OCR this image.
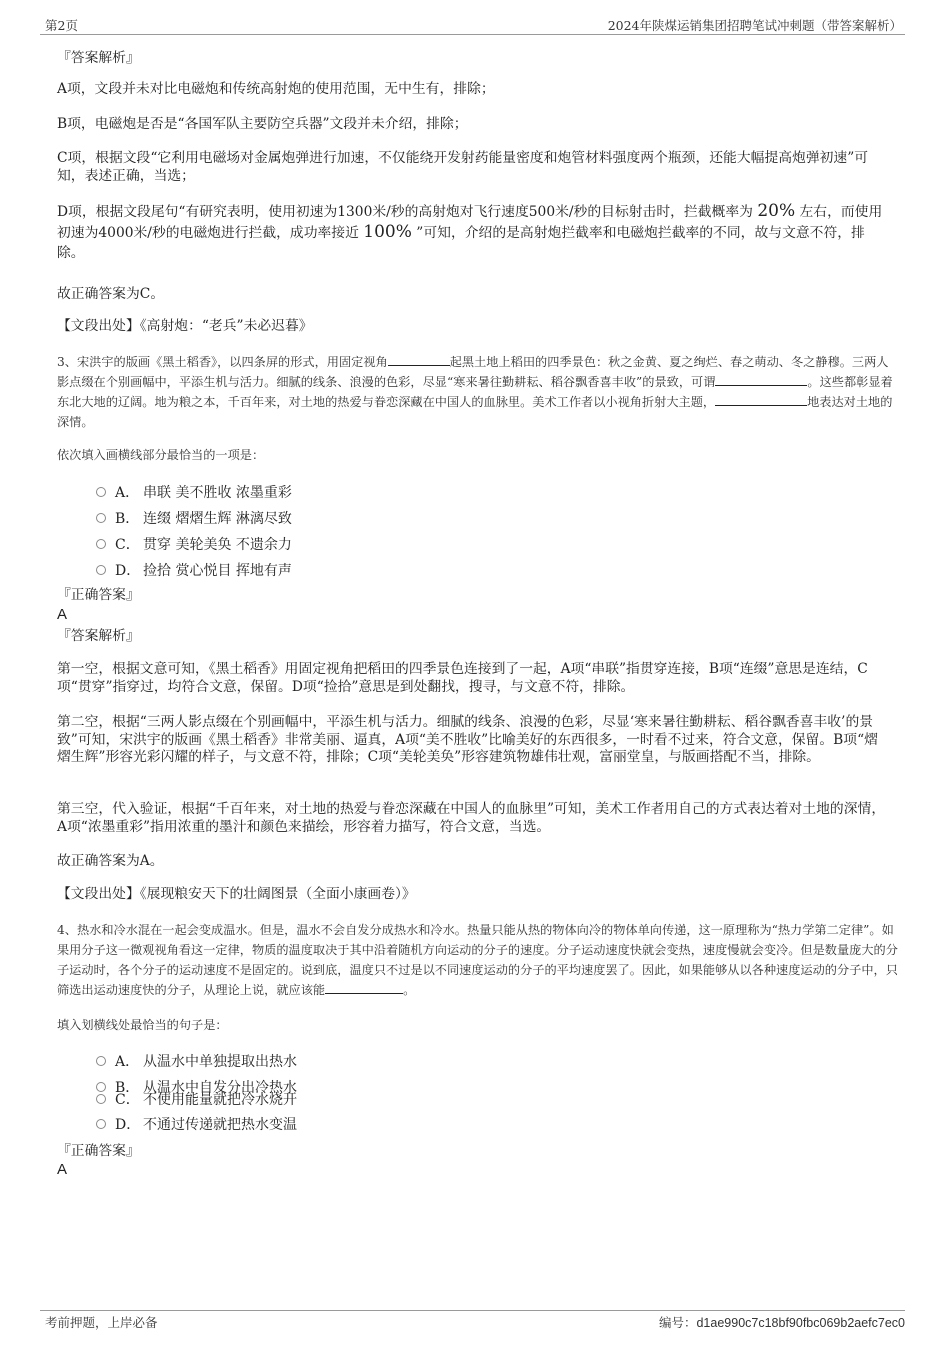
第2页	2024年陕煤运销集团招聘笔试冲刺题（带答案解析）
『答案解析』
A项，文段并未对比电磁炮和传统高射炮的使用范围，无中生有，排除；
B项，电磁炮是否是“各国军队主要防空兵器”文段并未介绍，排除；
C项，根据文段“它利用电磁场对金属炮弹进行加速，不仅能绕开发射药能量密度和炮管材料强度两个瓶颈，还能大幅提高炮弹初速”可知，表述正确，当选；
D项，根据文段尾句“有研究表明，使用初速为1300米/秒的高射炮对飞行速度500米/秒的目标射击时，拦截概率为 20% 左右，而使用初速为4000米/秒的电磁炮进行拦截，成功率接近 100% ”可知，介绍的是高射炮拦截率和电磁炮拦截率的不同，故与文意不符，排除。
故正确答案为C。
【文段出处】《高射炮：“老兵”未必迟暮》
3、宋洪宇的版画《黑土稻香》，以四条屏的形式，用固定视角	起黑土地上稻田的四季景色：秋之金黄、夏之绚烂、春之萌动、冬之静穆。三两人影点缀在个别画幅中，平添生机与活力。细腻的线条、浪漫的色彩，尽显“寒来暑往勤耕耘、稻谷飘香喜丰收”的景致，可谓	。这些都彰显着东北大地的辽阔。地为粮之本，千百年来，对土地的热爱与眷恋深藏在中国人的血脉里。美术工作者以小视角折射大主题，	地表达对土地的深情。
依次填入画横线部分最恰当的一项是：
A． 串联 美不胜收 浓墨重彩
B． 连缀 熠熠生辉 淋漓尽致
C． 贯穿 美轮美奂 不遗余力
D． 捡拾 赏心悦目 挥地有声
『正确答案』
A
『答案解析』
第一空，根据文意可知，《黑土稻香》用固定视角把稻田的四季景色连接到了一起，A项“串联”指贯穿连接，B项“连缀”意思是连结，C项“贯穿”指穿过，均符合文意，保留。D项“捡拾”意思是到处翻找，搜寻，与文意不符，排除。
第二空，根据“三两人影点缀在个别画幅中，平添生机与活力。细腻的线条、浪漫的色彩，尽显‘寒来暑往勤耕耘、稻谷飘香喜丰收’的景致”可知，宋洪宇的版画《黑土稻香》非常美丽、逼真，A项“美不胜收”比喻美好的东西很多，一时看不过来，符合文意，保留。B项“熠熠生辉”形容光彩闪耀的样子，与文意不符，排除；C项“美轮美奂”形容建筑物雄伟壮观，富丽堂皇，与版画搭配不当，排除。
第三空，代入验证，根据“千百年来，对土地的热爱与眷恋深藏在中国人的血脉里”可知，美术工作者用自己的方式表达着对土地的深情，A项“浓墨重彩”指用浓重的墨汁和颜色来描绘，形容着力描写，符合文意，当选。
故正确答案为A。
【文段出处】《展现粮安天下的壮阔图景（全面小康画卷）》
4、热水和冷水混在一起会变成温水。但是，温水不会自发分成热水和冷水。热量只能从热的物体向冷的物体单向传递，这一原理称为“热力学第二定律”。如果用分子这一微观视角看这一定律，物质的温度取决于其中沿着随机方向运动的分子的速度。分子运动速度快就会变热，速度慢就会变冷。但是数量庞大的分子运动时，各个分子的运动速度不是固定的。说到底，温度只不过是以不同速度运动的分子的平均速度罢了。因此，如果能够从以各种速度运动的分子中，只筛选出运动速度快的分子，从理论上说，就应该能	。
填入划横线处最恰当的句子是：
A． 从温水中单独提取出热水
B． 从温水中自发分出冷热水
C． 不使用能量就把冷水烧开
D． 不通过传递就把热水变温
『正确答案』
A
考前押题，上岸必备	编号：d1ae990c7c18bf90fbc069b2aefc7ec0
